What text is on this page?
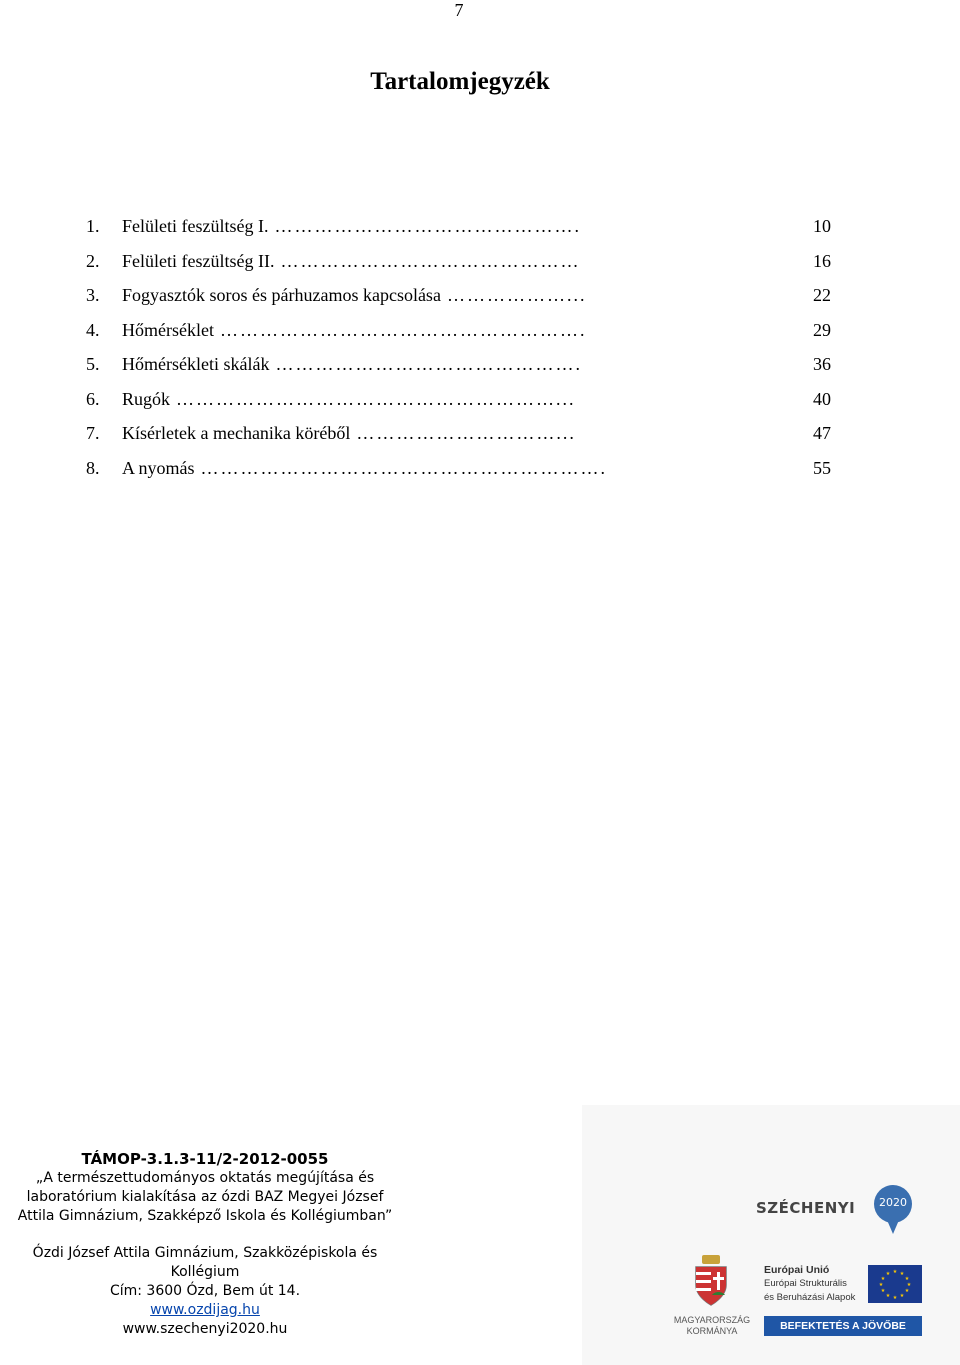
7
Tartalomjegyzék
1.	Felületi feszültség I. ……………………………………….	10
2.	Felületi feszültség II. ………………………………………	16
3.	Fogyasztók soros és párhuzamos kapcsolása ………………...	22
4.	Hőmérséklet ……………………………………………….	29
5.	Hőmérsékleti skálák ……………………………………….	36
6.	Rugók …………………………………………………...	40
7.	Kísérletek a mechanika köréből …………………………...	47
8.	A nyomás …………………………………………………….	55
TÁMOP-3.1.3-11/2-2012-0055
„A természettudományos oktatás megújítása és
laboratórium kialakítása az ózdi BAZ Megyei József
Attila Gimnázium, Szakképző Iskola és Kollégiumban”
Ózdi József Attila Gimnázium, Szakközépiskola és
Kollégium
Cím: 3600 Ózd, Bem út 14.
www.ozdijag.hu
www.szechenyi2020.hu
SZÉCHENYI	2020
MAGYARORSZÁG
KORMÁNYA
Európai Unió
Európai Strukturális
és Beruházási Alapok
★ ★
★
★
★
★
★
★
★
★
★
★
BEFEKTETÉS A JÖVŐBE
